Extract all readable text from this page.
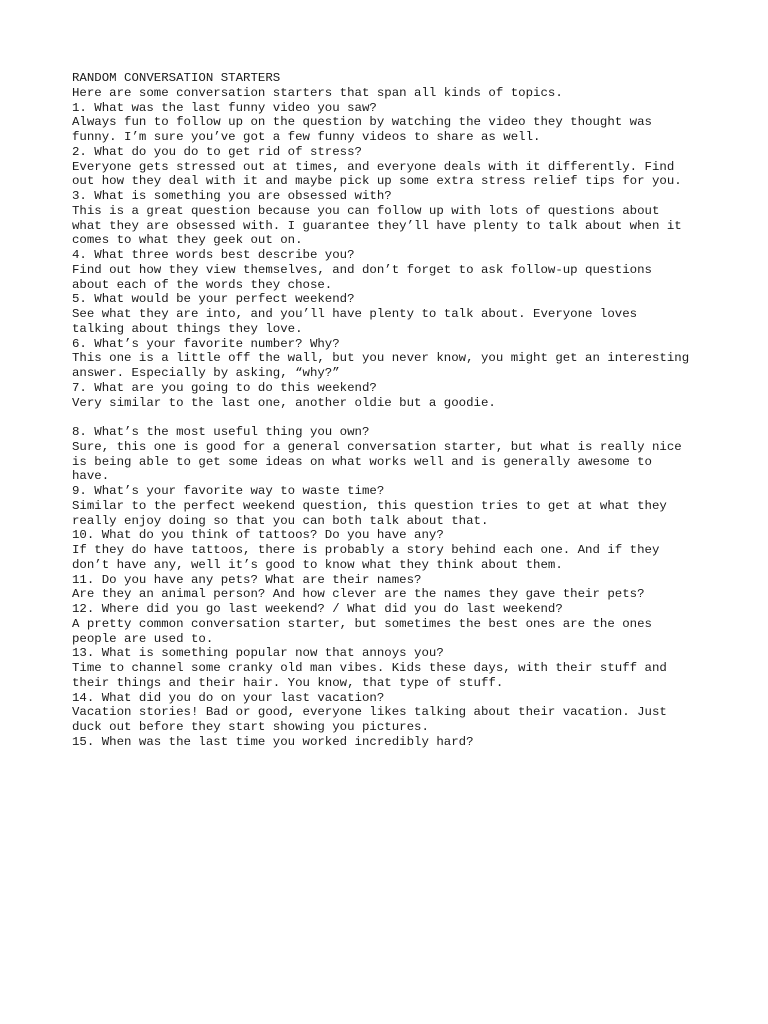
RANDOM CONVERSATION STARTERS
Here are some conversation starters that span all kinds of topics.
1. What was the last funny video you saw?
Always fun to follow up on the question by watching the video they thought was
funny. I’m sure you’ve got a few funny videos to share as well.
2. What do you do to get rid of stress?
Everyone gets stressed out at times, and everyone deals with it differently. Find
out how they deal with it and maybe pick up some extra stress relief tips for you.
3. What is something you are obsessed with?
This is a great question because you can follow up with lots of questions about
what they are obsessed with. I guarantee they’ll have plenty to talk about when it
comes to what they geek out on.
4. What three words best describe you?
Find out how they view themselves, and don’t forget to ask follow-up questions
about each of the words they chose.
5. What would be your perfect weekend?
See what they are into, and you’ll have plenty to talk about. Everyone loves
talking about things they love.
6. What’s your favorite number? Why?
This one is a little off the wall, but you never know, you might get an interesting
answer. Especially by asking, “why?”
7. What are you going to do this weekend?
Very similar to the last one, another oldie but a goodie.
8. What’s the most useful thing you own?
Sure, this one is good for a general conversation starter, but what is really nice
is being able to get some ideas on what works well and is generally awesome to
have.
9. What’s your favorite way to waste time?
Similar to the perfect weekend question, this question tries to get at what they
really enjoy doing so that you can both talk about that.
10. What do you think of tattoos? Do you have any?
If they do have tattoos, there is probably a story behind each one. And if they
don’t have any, well it’s good to know what they think about them.
11. Do you have any pets? What are their names?
Are they an animal person? And how clever are the names they gave their pets?
12. Where did you go last weekend? / What did you do last weekend?
A pretty common conversation starter, but sometimes the best ones are the ones
people are used to.
13. What is something popular now that annoys you?
Time to channel some cranky old man vibes. Kids these days, with their stuff and
their things and their hair. You know, that type of stuff.
14. What did you do on your last vacation?
Vacation stories! Bad or good, everyone likes talking about their vacation. Just
duck out before they start showing you pictures.
15. When was the last time you worked incredibly hard?
